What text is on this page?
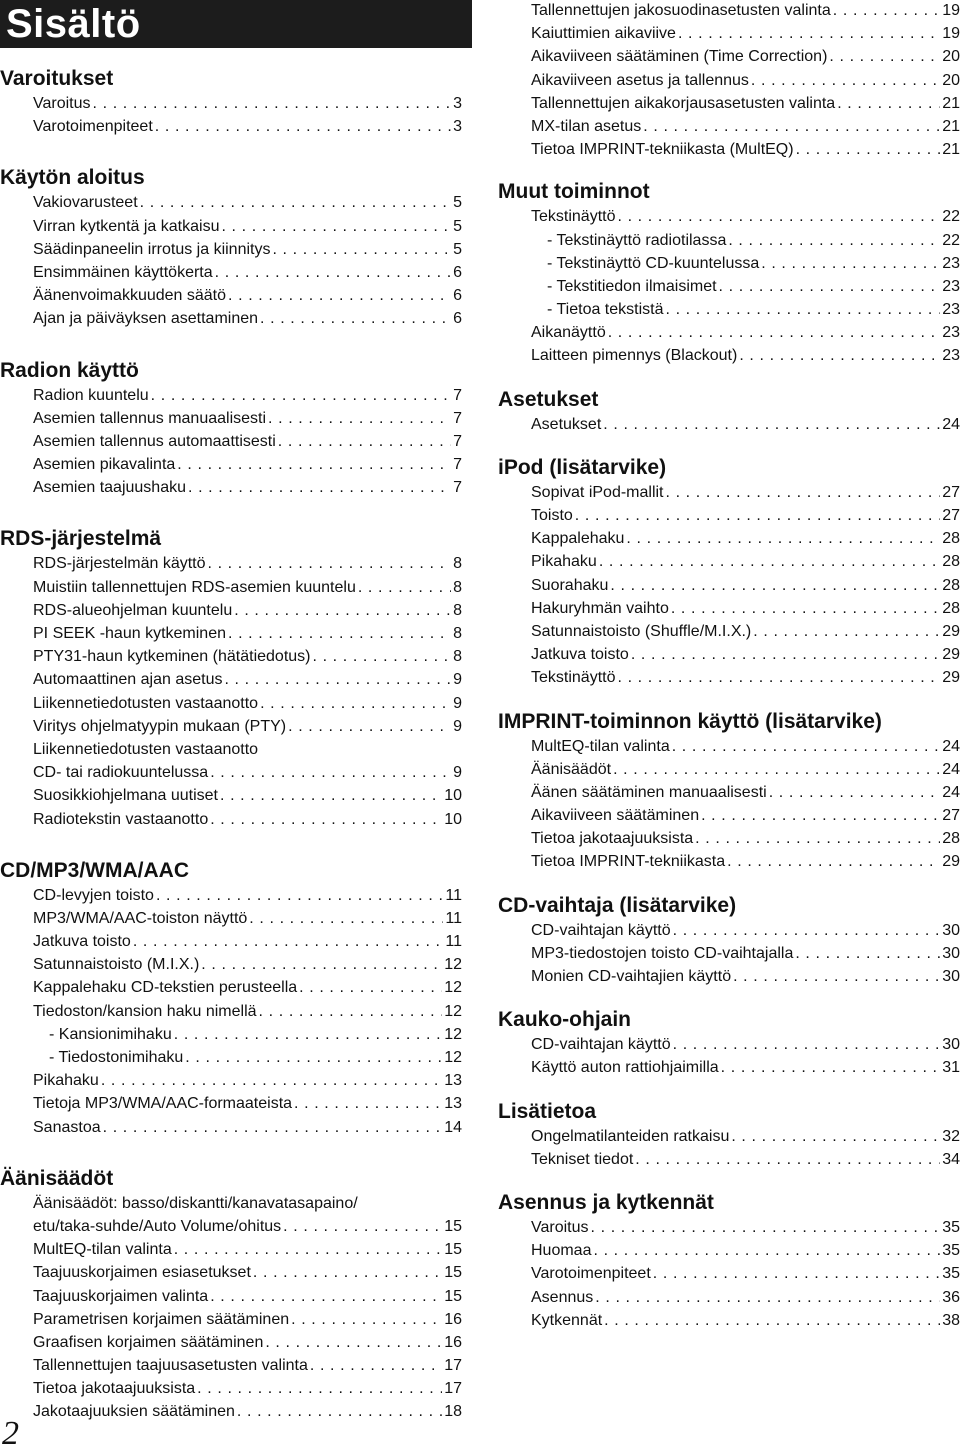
Sisältö
Varoitukset
Varoitus . . .	3
Varotoimenpiteet . . .	3
Käytön aloitus
Vakiovarusteet . . .	5
Virran kytkentä ja katkaisu . . .	5
Säädinpaneelin irrotus ja kiinnitys . . .	5
Ensimmäinen käyttökerta . . .	6
Äänenvoimakkuuden säätö . . .	6
Ajan ja päiväyksen asettaminen . . .	6
Radion käyttö
Radion kuuntelu . . .	7
Asemien tallennus manuaalisesti . . .	7
Asemien tallennus automaattisesti . . .	7
Asemien pikavalinta . . .	7
Asemien taajuushaku . . .	7
RDS-järjestelmä
RDS-järjestelmän käyttö . . .	8
Muistiin tallennettujen RDS-asemien kuuntelu . . .	8
RDS-alueohjelman kuuntelu . . .	8
PI SEEK -haun kytkeminen . . .	8
PTY31-haun kytkeminen (hätätiedotus) . . .	8
Automaattinen ajan asetus . . .	9
Liikennetiedotusten vastaanotto . . .	9
Viritys ohjelmatyypin mukaan (PTY) . . .	9
Liikennetiedotusten vastaanotto
CD- tai radiokuuntelussa . . .	9
Suosikkiohjelmana uutiset . . .	10
Radiotekstin vastaanotto . . .	10
CD/MP3/WMA/AAC
CD-levyjen toisto . . .	11
MP3/WMA/AAC-toiston näyttö . . .	11
Jatkuva toisto . . .	11
Satunnaistoisto (M.I.X.) . . .	12
Kappalehaku CD-tekstien perusteella . . .	12
Tiedoston/kansion haku nimellä . . .	12
- Kansionimihaku . . .	12
- Tiedostonimihaku . . .	12
Pikahaku . . .	13
Tietoja MP3/WMA/AAC-formaateista . . .	13
Sanastoa . . .	14
Äänisäädöt
Äänisäädöt: basso/diskantti/kanavatasapaino/
etu/taka-suhde/Auto Volume/ohitus . . .	15
MultEQ-tilan valinta . . .	15
Taajuuskorjaimen esiasetukset . . .	15
Taajuuskorjaimen valinta . . .	15
Parametrisen korjaimen säätäminen . . .	16
Graafisen korjaimen säätäminen . . .	16
Tallennettujen taajuusasetusten valinta . . .	17
Tietoa jakotaajuuksista . . .	17
Jakotaajuuksien säätäminen . . .	18
Tallennettujen jakosuodinasetusten valinta . . .	19
Kaiuttimien aikaviive . . .	19
Aikaviiveen säätäminen (Time Correction) . . .	20
Aikaviiveen asetus ja tallennus . . .	20
Tallennettujen aikakorjausasetusten valinta . . .	21
MX-tilan asetus . . .	21
Tietoa IMPRINT-tekniikasta (MultEQ) . . .	21
Muut toiminnot
Tekstinäyttö . . .	22
- Tekstinäyttö radiotilassa . . .	22
- Tekstinäyttö CD-kuuntelussa . . .	23
- Tekstitiedon ilmaisimet . . .	23
- Tietoa tekstistä . . .	23
Aikanäyttö . . .	23
Laitteen pimennys (Blackout) . . .	23
Asetukset
Asetukset . . .	24
iPod (lisätarvike)
Sopivat iPod-mallit . . .	27
Toisto . . .	27
Kappalehaku . . .	28
Pikahaku . . .	28
Suorahaku . . .	28
Hakuryhmän vaihto . . .	28
Satunnaistoisto (Shuffle/M.I.X.) . . .	29
Jatkuva toisto . . .	29
Tekstinäyttö . . .	29
IMPRINT-toiminnon käyttö (lisätarvike)
MultEQ-tilan valinta . . .	24
Äänisäädöt . . .	24
Äänen säätäminen manuaalisesti . . .	24
Aikaviiveen säätäminen . . .	27
Tietoa jakotaajuuksista . . .	28
Tietoa IMPRINT-tekniikasta . . .	29
CD-vaihtaja (lisätarvike)
CD-vaihtajan käyttö . . .	30
MP3-tiedostojen toisto CD-vaihtajalla . . .	30
Monien CD-vaihtajien käyttö . . .	30
Kauko-ohjain
CD-vaihtajan käyttö . . .	30
Käyttö auton rattiohjaimilla . . .	31
Lisätietoa
Ongelmatilanteiden ratkaisu . . .	32
Tekniset tiedot . . .	34
Asennus ja kytkennät
Varoitus . . .	35
Huomaa . . .	35
Varotoimenpiteet . . .	35
Asennus . . .	36
Kytkennät . . .	38
2
